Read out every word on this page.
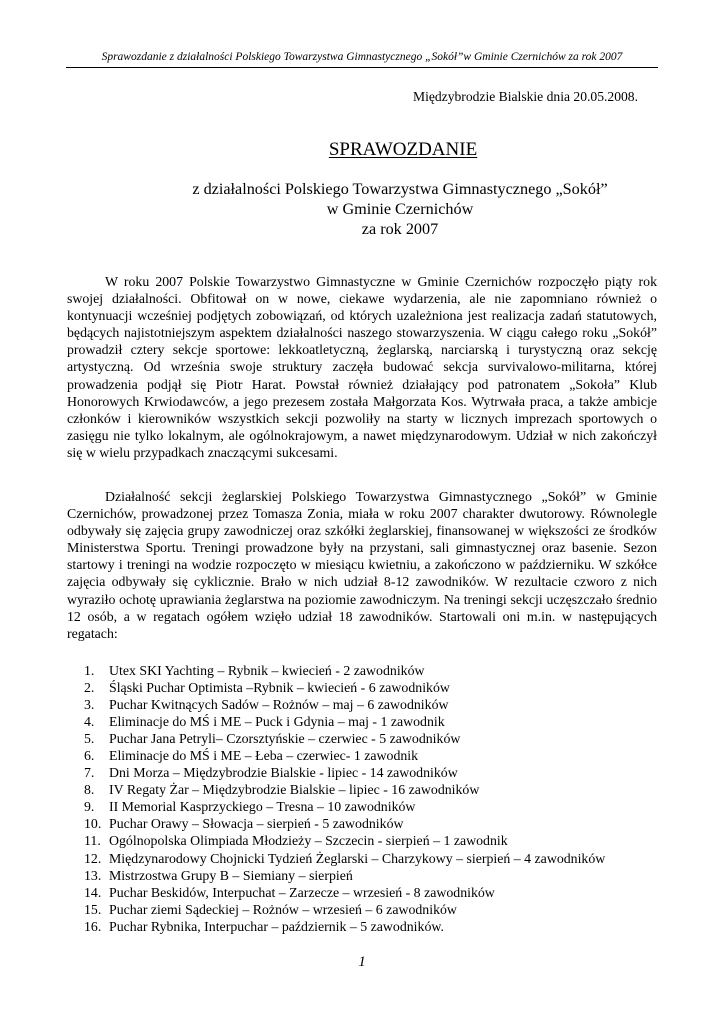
Sprawozdanie z działalności Polskiego Towarzystwa Gimnastycznego „Sokół”w Gminie Czernichów za rok 2007
Międzybrodzie Bialskie dnia 20.05.2008.
SPRAWOZDANIE
z działalności Polskiego Towarzystwa Gimnastycznego „Sokół”
w Gminie Czernichów
za rok 2007

W roku 2007 Polskie Towarzystwo Gimnastyczne w Gminie Czernichów rozpoczęło piąty rok swojej działalności. Obfitował on w nowe, ciekawe wydarzenia, ale nie zapomniano również o kontynuacji wcześniej podjętych zobowiązań, od których uzależniona jest realizacja zadań statutowych, będących najistotniejszym aspektem działalności naszego stowarzyszenia. W ciągu całego roku „Sokół” prowadził cztery sekcje sportowe: lekkoatletyczną, żeglarską, narciarską i turystyczną oraz sekcję artystyczną. Od września swoje struktury zaczęła budować sekcja survivalowo-militarna, której prowadzenia podjął się Piotr Harat. Powstał również działający pod patronatem „Sokoła” Klub Honorowych Krwiodawców, a jego prezesem została Małgorzata Kos. Wytrwała praca, a także ambicje członków i kierowników wszystkich sekcji pozwoliły na starty w licznych imprezach sportowych o zasięgu nie tylko lokalnym, ale ogólnokrajowym, a nawet międzynarodowym. Udział w nich zakończył się w wielu przypadkach znaczącymi sukcesami.

Działalność sekcji żeglarskiej Polskiego Towarzystwa Gimnastycznego „Sokół” w Gminie Czernichów, prowadzonej przez Tomasza Zonia, miała w roku 2007 charakter dwutorowy. Równolegle odbywały się zajęcia grupy zawodniczej oraz szkółki żeglarskiej, finansowanej w większości ze środków Ministerstwa Sportu. Treningi prowadzone były na przystani, sali gimnastycznej oraz basenie. Sezon startowy i treningi na wodzie rozpoczęto w miesiącu kwietniu, a zakończono w październiku. W szkółce zajęcia odbywały się cyklicznie. Brało w nich udział 8-12 zawodników. W rezultacie czworo z nich wyraziło ochotę uprawiania żeglarstwa na poziomie zawodniczym. Na treningi sekcji uczęszczało średnio 12 osób, a w regatach ogółem wzięło udział 18 zawodników. Startowali oni m.in. w następujących regatach:

1. Utex SKI Yachting – Rybnik – kwiecień - 2 zawodników
2. Śląski Puchar Optimista –Rybnik – kwiecień - 6 zawodników
3. Puchar Kwitnących Sadów – Rożnów – maj – 6 zawodników
4. Eliminacje do MŚ i ME – Puck i Gdynia – maj - 1 zawodnik
5. Puchar Jana Petryli– Czorsztyńskie – czerwiec - 5 zawodników
6. Eliminacje do MŚ i ME – Łeba – czerwiec- 1 zawodnik
7. Dni Morza – Międzybrodzie Bialskie - lipiec - 14 zawodników
8. IV Regaty Żar – Międzybrodzie Bialskie – lipiec - 16 zawodników
9. II Memorial Kasprzyckiego – Tresna – 10 zawodników
10. Puchar Orawy – Słowacja – sierpień - 5 zawodników
11. Ogólnopolska Olimpiada Młodzieży – Szczecin - sierpień – 1 zawodnik
12. Międzynarodowy Chojnicki Tydzień Żeglarski – Charzykowy – sierpień – 4 zawodników
13. Mistrzostwa Grupy B – Siemiany – sierpień
14. Puchar Beskidów, Interpuchat – Zarzecze – wrzesień - 8 zawodników
15. Puchar ziemi Sądeckiej – Rożnów – wrzesień – 6 zawodników
16. Puchar Rybnika, Interpuchar – październik – 5 zawodników.
1
